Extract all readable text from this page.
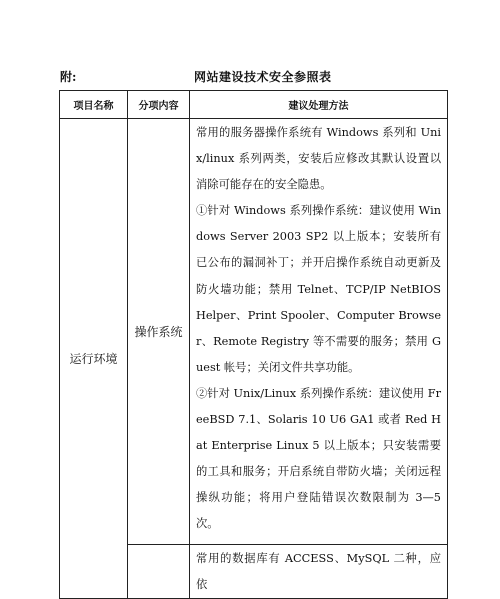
附:	网站建设技术安全参照表
项目名称	分项内容	建议处理方法
运行环境	操作系统	常用的服务器操作系统有 Windows 系列和 Unix/linux 系列两类，安装后应修改其默认设置以消除可能存在的安全隐患。

①针对 Windows 系列操作系统：建议使用 Windows Server 2003 SP2 以上版本；安装所有已公布的漏洞补丁；并开启操作系统自动更新及防火墙功能；禁用 Telnet、TCP/IP NetBIOS Helper、Print Spooler、Computer Browser、Remote Registry 等不需要的服务；禁用 Guest 帐号；关闭文件共享功能。

②针对 Unix/Linux 系列操作系统：建议使用 FreeBSD 7.1、Solaris 10 U6 GA1 或者 Red Hat Enterprise Linux 5 以上版本；只安装需要的工具和服务；开启系统自带防火墙；关闭远程操纵功能；将用户登陆错误次数限制为 3—5 次。

		常用的数据库有 ACCESS、MySQL 二种，应依
